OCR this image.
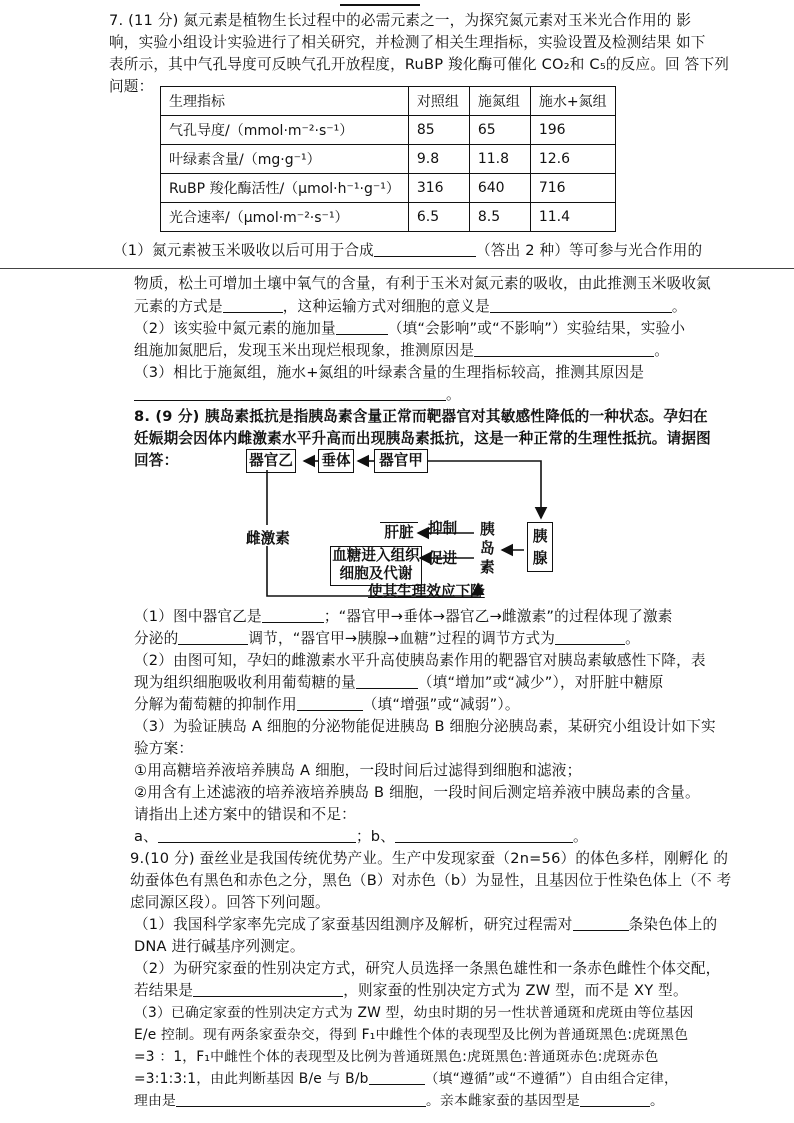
7. (11 分) 氮元素是植物生长过程中的必需元素之一，为探究氮元素对玉米光合作用的 影
响，实验小组设计实验进行了相关研究，并检测了相关生理指标，实验设置及检测结果 如下
表所示，其中气孔导度可反映气孔开放程度，RuBP 羧化酶可催化 CO₂和 C₅的反应。回 答下列
问题：
生理指标	对照组	施氮组	施水+氮组
气孔导度/（mmol·m⁻²·s⁻¹）	85	65	196
叶绿素含量/（mg·g⁻¹）	9.8	11.8	12.6
RuBP 羧化酶活性/（μmol·h⁻¹·g⁻¹）	316	640	716
光合速率/（μmol·m⁻²·s⁻¹）	6.5	8.5	11.4
（1）氮元素被玉米吸收以后可用于合成	（答出 2 种）等可参与光合作用的
物质，松土可增加土壤中氧气的含量，有利于玉米对氮元素的吸收，由此推测玉米吸收氮
元素的方式是	，这种运输方式对细胞的意义是	。
（2）该实验中氮元素的施加量	（填“会影响”或“不影响”）实验结果，实验小
组施加氮肥后，发现玉米出现烂根现象，推测原因是	。
（3）相比于施氮组，施水+氮组的叶绿素含量的生理指标较高，推测其原因是
。
8. (9 分) 胰岛素抵抗是指胰岛素含量正常而靶器官对其敏感性降低的一种状态。孕妇在
妊娠期会因体内雌激素水平升高而出现胰岛素抵抗，这是一种正常的生理性抵抗。请据图
回答：	器官乙 垂体	器官甲
雌激素	肝脏 抑制
促进
血糖进入组织
细胞及代谢
胰岛素
胰腺
使其生理效应下降
（1）图中器官乙是	；“器官甲→垂体→器官乙→雌激素”的过程体现了激素
分泌的	调节，“器官甲→胰腺→血糖”过程的调节方式为	。
（2）由图可知，孕妇的雌激素水平升高使胰岛素作用的靶器官对胰岛素敏感性下降，表
现为组织细胞吸收利用葡萄糖的量	（填“增加”或“减少”），对肝脏中糖原
分解为葡萄糖的抑制作用	（填“增强”或“减弱”）。
（3）为验证胰岛 A 细胞的分泌物能促进胰岛 B 细胞分泌胰岛素，某研究小组设计如下实
验方案：
①用高糖培养液培养胰岛 A 细胞，一段时间后过滤得到细胞和滤液；
②用含有上述滤液的培养液培养胰岛 B 细胞，一段时间后测定培养液中胰岛素的含量。
请指出上述方案中的错误和不足：
a、	；b、	。
9.(10 分) 蚕丝业是我国传统优势产业。生产中发现家蚕（2n=56）的体色多样，刚孵化 的
幼蚕体色有黑色和赤色之分，黑色（B）对赤色（b）为显性，且基因位于性染色体上（不 考
虑同源区段）。回答下列问题。
（1）我国科学家率先完成了家蚕基因组测序及解析，研究过程需对	条染色体上的
DNA 进行碱基序列测定。
（2）为研究家蚕的性别决定方式，研究人员选择一条黑色雄性和一条赤色雌性个体交配，
若结果是	，则家蚕的性别决定方式为 ZW 型，而不是 XY 型。
（3）已确定家蚕的性别决定方式为 ZW 型，幼虫时期的另一性状普通斑和虎斑由等位基因
E/e 控制。现有两条家蚕杂交，得到 F₁中雌性个体的表现型及比例为普通斑黑色:虎斑黑色
=3 ：1，F₁中雌性个体的表现型及比例为普通斑黑色:虎斑黑色:普通斑赤色:虎斑赤色
=3:1:3:1，由此判断基因 B/e 与 B/b	（填“遵循”或“不遵循”）自由组合定律，
理由是	。亲本雌家蚕的基因型是	。
